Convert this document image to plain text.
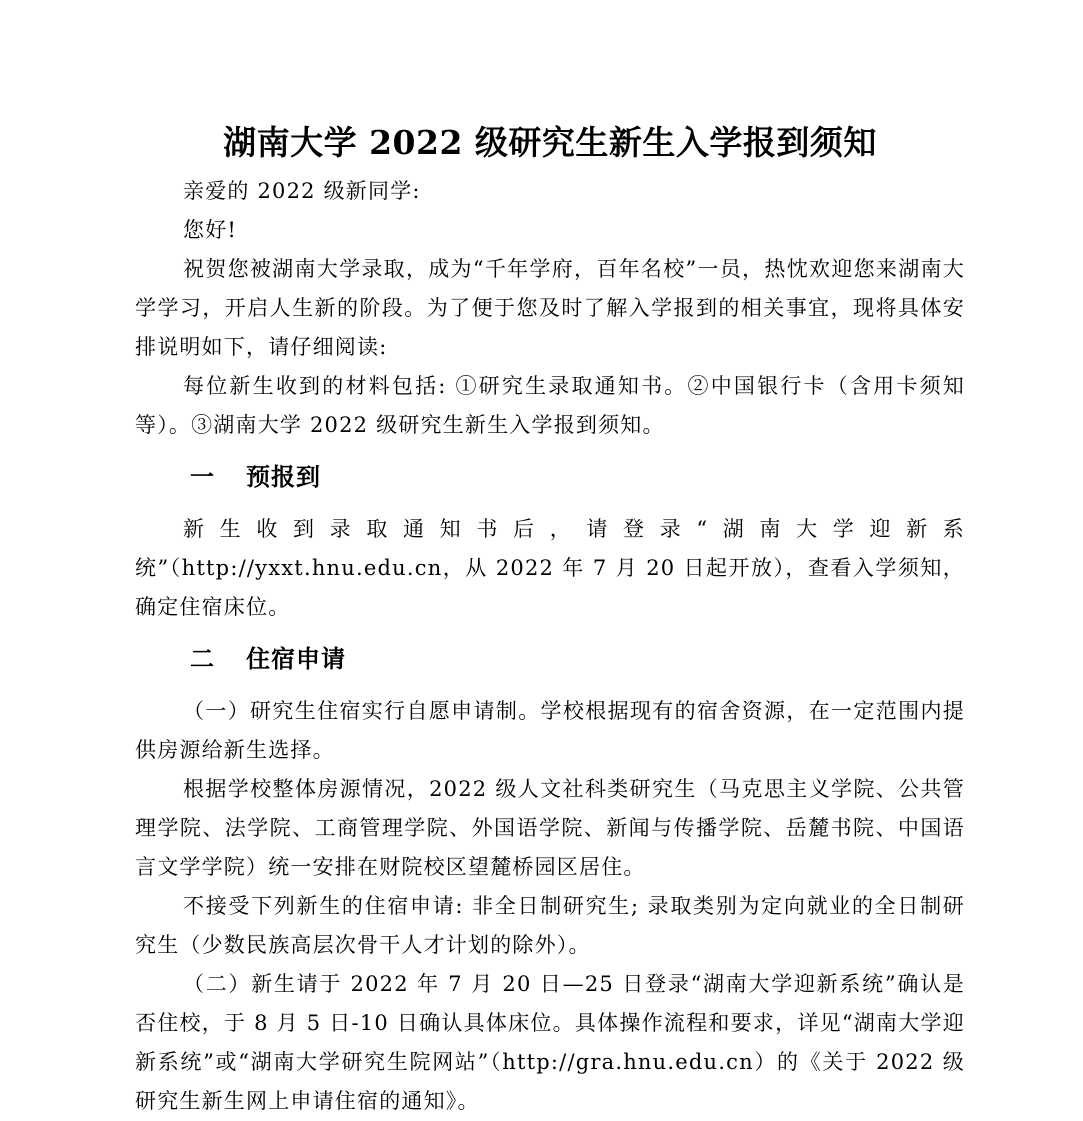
湖南大学 2022 级研究生新生入学报到须知

亲爱的 2022 级新同学:

您好!

祝贺您被湖南大学录取，成为“千年学府，百年名校”一员，热忱欢迎您来湖南大学学习，开启人生新的阶段。为了便于您及时了解入学报到的相关事宜，现将具体安排说明如下，请仔细阅读:

每位新生收到的材料包括: ①研究生录取通知书。②中国银行卡（含用卡须知等）。③湖南大学 2022 级研究生新生入学报到须知。

一 预报到

新生收到录取通知书后，请登录“湖南大学迎新系统”（http://yxxt.hnu.edu.cn，从 2022 年 7 月 20 日起开放），查看入学须知，确定住宿床位。

二 住宿申请

（一）研究生住宿实行自愿申请制。学校根据现有的宿舍资源，在一定范围内提供房源给新生选择。

根据学校整体房源情况，2022 级人文社科类研究生（马克思主义学院、公共管理学院、法学院、工商管理学院、外国语学院、新闻与传播学院、岳麓书院、中国语言文学学院）统一安排在财院校区望麓桥园区居住。

不接受下列新生的住宿申请: 非全日制研究生; 录取类别为定向就业的全日制研究生（少数民族高层次骨干人才计划的除外）。

（二）新生请于 2022 年 7 月 20 日—25 日登录“湖南大学迎新系统”确认是否住校，于 8 月 5 日-10 日确认具体床位。具体操作流程和要求，详见“湖南大学迎新系统”或“湖南大学研究生院网站”（http://gra.hnu.edu.cn）的《关于 2022 级研究生新生网上申请住宿的通知》。
